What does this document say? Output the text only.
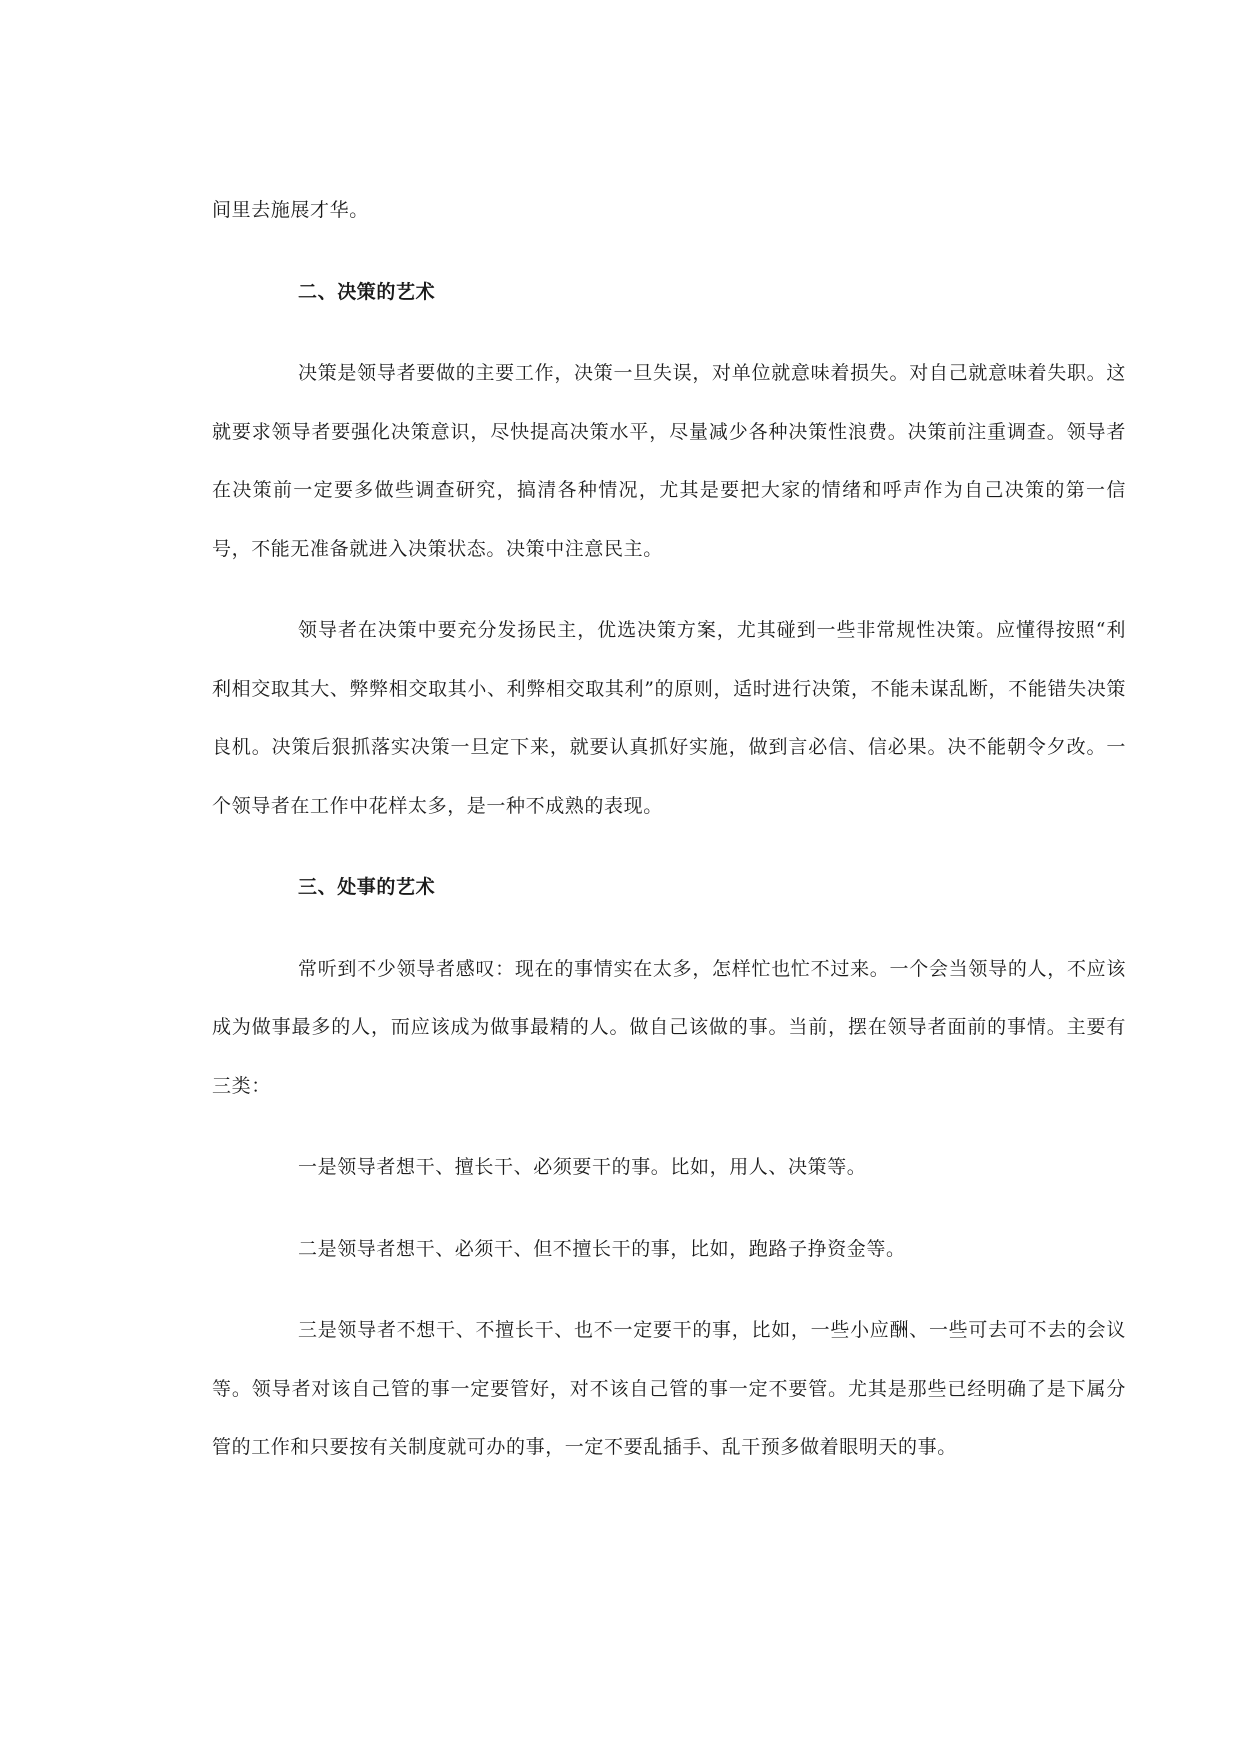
间里去施展才华。

二、决策的艺术

决策是领导者要做的主要工作，决策一旦失误，对单位就意味着损失。对自己就意味着失职。这就要求领导者要强化决策意识，尽快提高决策水平，尽量减少各种决策性浪费。决策前注重调查。领导者在决策前一定要多做些调查研究，搞清各种情况，尤其是要把大家的情绪和呼声作为自己决策的第一信号，不能无准备就进入决策状态。决策中注意民主。

领导者在决策中要充分发扬民主，优选决策方案，尤其碰到一些非常规性决策。应懂得按照“利利相交取其大、弊弊相交取其小、利弊相交取其利”的原则，适时进行决策，不能未谋乱断，不能错失决策良机。决策后狠抓落实决策一旦定下来，就要认真抓好实施，做到言必信、信必果。决不能朝令夕改。一个领导者在工作中花样太多，是一种不成熟的表现。

三、处事的艺术

常听到不少领导者感叹：现在的事情实在太多，怎样忙也忙不过来。一个会当领导的人，不应该成为做事最多的人，而应该成为做事最精的人。做自己该做的事。当前，摆在领导者面前的事情。主要有三类：

一是领导者想干、擅长干、必须要干的事。比如，用人、决策等。

二是领导者想干、必须干、但不擅长干的事，比如，跑路子挣资金等。

三是领导者不想干、不擅长干、也不一定要干的事，比如，一些小应酬、一些可去可不去的会议等。领导者对该自己管的事一定要管好，对不该自己管的事一定不要管。尤其是那些已经明确了是下属分管的工作和只要按有关制度就可办的事，一定不要乱插手、乱干预多做着眼明天的事。
